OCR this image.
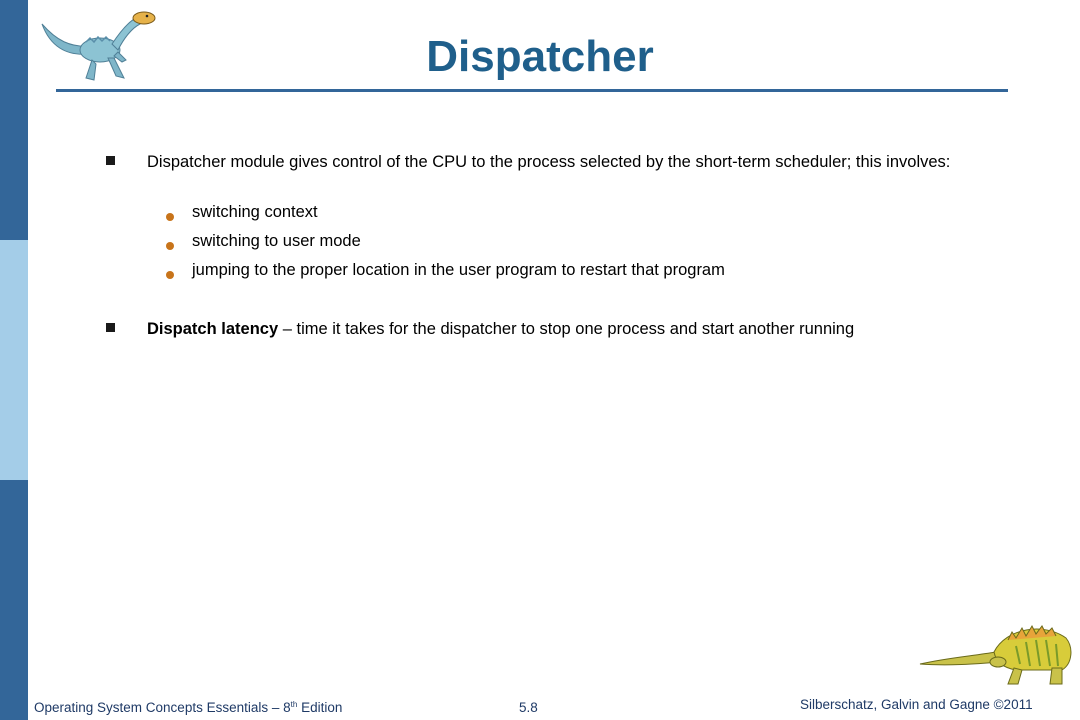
Dispatcher
Dispatcher module gives control of the CPU to the process selected by the short-term scheduler; this involves:
switching context
switching to user mode
jumping to the proper location in the user program to restart that program
Dispatch latency – time it takes for the dispatcher to stop one process and start another running
Operating System Concepts Essentials – 8th Edition	5.8	Silberschatz, Galvin and Gagne ©2011
